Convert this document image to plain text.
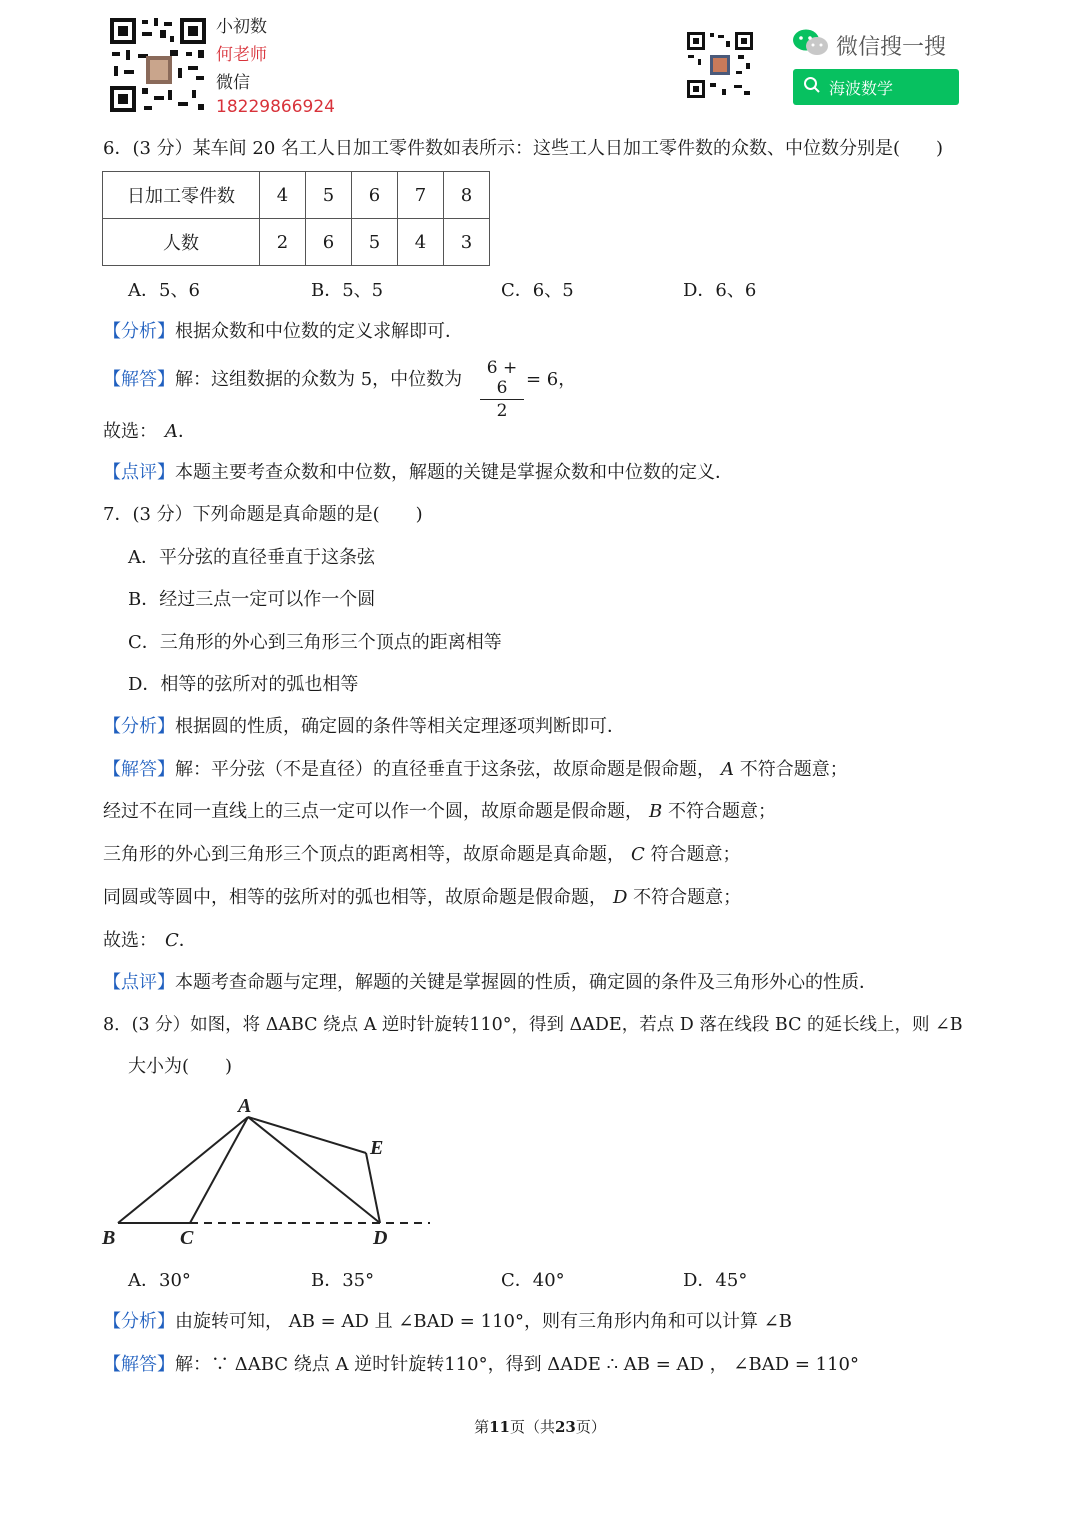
小初数
何老师
微信
18229866924
微信搜一搜
海波数学
6．(3 分）某车间 20 名工人日加工零件数如表所示：这些工人日加工零件数的众数、中位数分别是(　　)
日加工零件数	4	5	6	7	8
人数	2	6	5	4	3
A．5、6	B．5、5	C．6、5	D．6、6
【分析】根据众数和中位数的定义求解即可．
【解答】解：这组数据的众数为 5，中位数为
6 + 6
2
= 6，
故选： A．
【点评】本题主要考查众数和中位数，解题的关键是掌握众数和中位数的定义．
7．(3 分）下列命题是真命题的是(　　)
A．平分弦的直径垂直于这条弦
B．经过三点一定可以作一个圆
C．三角形的外心到三角形三个顶点的距离相等
D．相等的弦所对的弧也相等
【分析】根据圆的性质，确定圆的条件等相关定理逐项判断即可．
【解答】解：平分弦（不是直径）的直径垂直于这条弦，故原命题是假命题， A 不符合题意；
经过不在同一直线上的三点一定可以作一个圆，故原命题是假命题， B 不符合题意；
三角形的外心到三角形三个顶点的距离相等，故原命题是真命题， C 符合题意；
同圆或等圆中，相等的弦所对的弧也相等，故原命题是假命题， D 不符合题意；
故选： C．
【点评】本题考查命题与定理，解题的关键是掌握圆的性质，确定圆的条件及三角形外心的性质．
8．(3 分）如图，将 ΔABC 绕点 A 逆时针旋转110°，得到 ΔADE，若点 D 落在线段 BC 的延长线上，则 ∠B
大小为(　　)
A
E
B	C	D
A．30°	B．35°	C．40°	D．45°
【分析】由旋转可知， AB = AD 且 ∠BAD = 110°，则有三角形内角和可以计算 ∠B
【解答】解：∵ ΔABC 绕点 A 逆时针旋转110°，得到 ΔADE ∴ AB = AD ， ∠BAD = 110°
第11页（共23页）
